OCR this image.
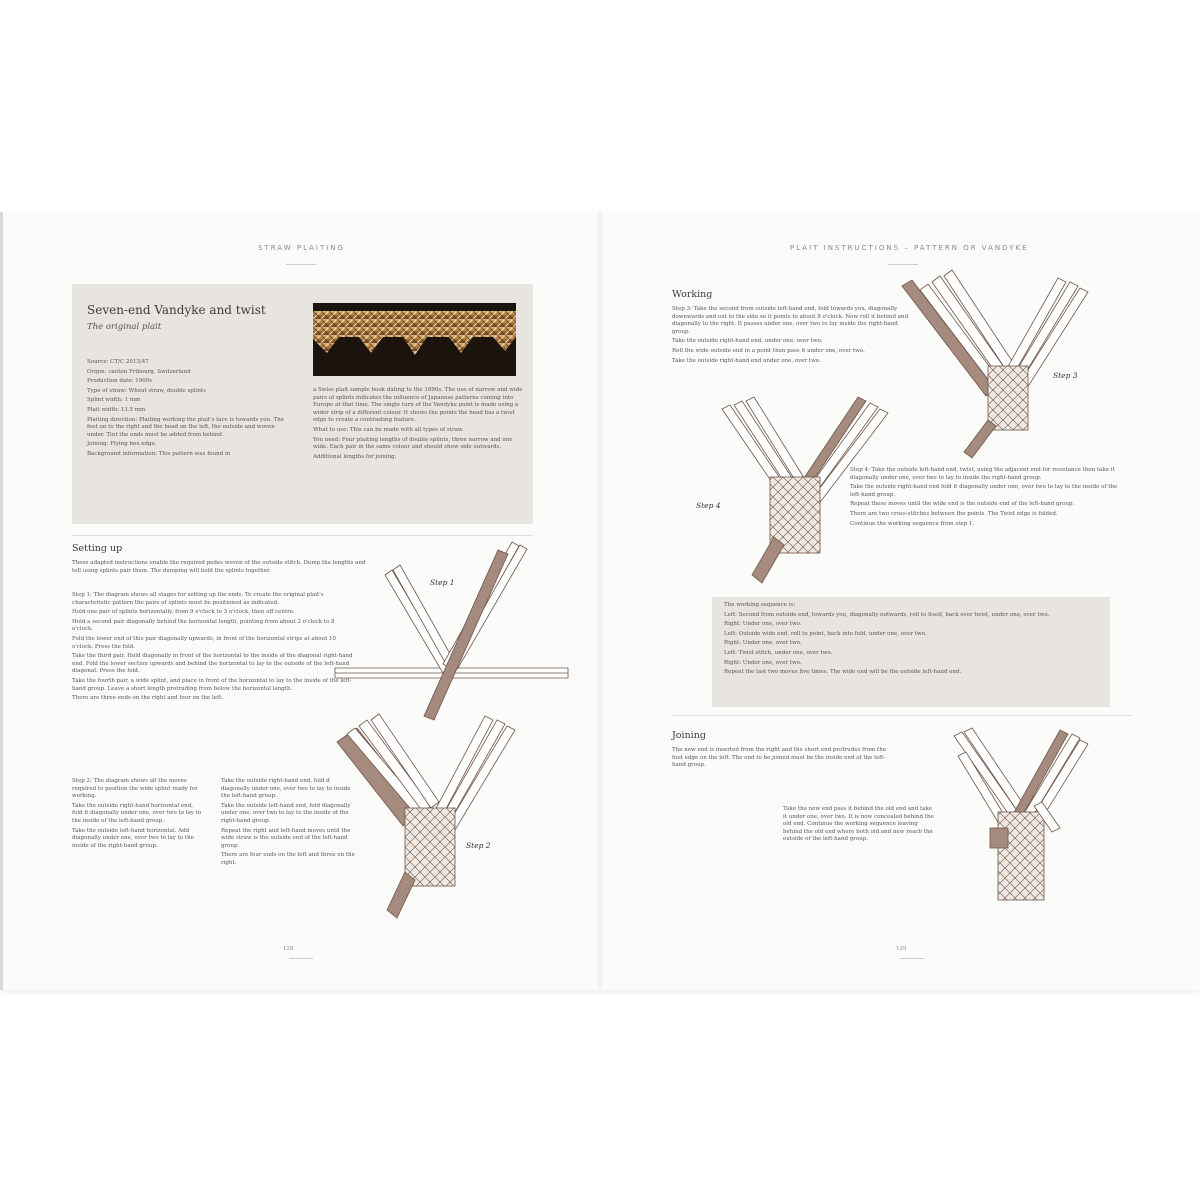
STRAW PLAITING
Seven-end Vandyke and twist
The original plait

Source: CT/C 2013/47

Origin: canton Fribourg, Switzerland

Production date: 1900s

Type of straw: Wheat straw, double splints

Splint width: 1 mm

Plait width: 13.5 mm

Plaiting direction: Plaiting working the plait's face is towards you. The feet on to the right and the head on the left, the outside and woven under. Tint the ends must be added from behind.

Joining: Flying box edge.

Background information: This pattern was found in

a Swiss plait sample book dating to the 1890s. The use of narrow and wide pairs of splints indicates the influence of Japanese patterns coming into Europe at that time. The single turn of the Vandyke point is made using a wider strip of a different colour. It shows the points the head has a twist edge to create a contrasting feature.

What to use: This can be made with all types of straw.

You need: Four plaiting lengths of double splints, three narrow and one wide. Each pair in the same colour and should show side outwards.

Additional lengths for joining.

Setting up
These adapted instructions enable the required pedes woven of the outside stitch. Dump the lengths and tell using splints pair them. The dumping will hold the splints together.

Step 1: The diagram shows all stages for setting up the ends. To create the original plait's characteristic pattern the pairs of splints must be positioned as indicated.

Hold one pair of splints horizontally, from 9 o'clock to 3 o'clock, then off centre.

Hold a second pair diagonally behind the horizontal length, pointing from about 2 o'clock to 8 o'clock.

Fold the lower end of this pair diagonally upwards, in front of the horizontal strips at about 10 o'clock. Press the fold.

Take the third pair. Hold diagonally in front of the horizontal to the inside of the diagonal right-hand end. Fold the lower section upwards and behind the horizontal to lay to the outside of the left-hand diagonal. Press the fold.

Take the fourth pair, a wide splint, and place in front of the horizontal to lay to the inside of the left-hand group. Leave a short length protruding from below the horizontal length.

There are three ends on the right and four on the left.

Step 2: The diagram shows all the moves required to position the wide splint ready for working.

Take the outside right-hand horizontal end, fold it diagonally under one, over two to lay to the inside of the left-hand group.

Take the outside left-hand horizontal. Add diagonally under one, over two to lay to the inside of the right-hand group.

Take the outside right-hand end, fold it diagonally under one, over two to lay to inside the left-hand group.

Take the outside left-hand end, fold diagonally under one, over two to lay to the inside of the right-hand group.

Repeat the right and left-hand moves until the wide straw is the outside end of the left-hand group.

There are four ends on the left and three on the right.

Step 1
Step 2
128
PLAIT INSTRUCTIONS – PATTERN OR VANDYKE
Working

Step 3: Take the second from outside left-hand end, fold towards you, diagonally downwards and out to the side so it points to about 8 o'clock. Now roll it behind and diagonally to the right. It passes under one, over two to lay inside the right-hand group.

Take the outside right-hand end, under one, over two.

Roll the wide outside end in a point then pass it under one, over two.

Take the outside right-hand end under one, over two.

Step 3
Step 4

Step 4: Take the outside left-hand end, twist, using the adjacent end for resistance then take it diagonally under one, over two to lay to inside the right-hand group.

Take the outside right-hand end fold it diagonally under one, over two to lay to the inside of the left-hand group.

Repeat these moves until the wide end is the outside end of the left-hand group.

There are two cross-stitches between the points. The Twist edge is folded.

Continue the working sequence from step 1.

The working sequence is:

Left: Second from outside end, towards you, diagonally outwards, roll to itself, back over twist, under one, over two.

Right: Under one, over two.

Left: Outside wide end, roll to point, back into fold, under one, over two.

Right: Under one, over two.

Left: Twist stitch, under one, over two.

Right: Under one, over two.

Repeat the last two moves five times. The wide end will be the outside left-hand end.

Joining
The new end is inserted from the right and the short end protrudes from the foot edge on the left. The end to be joined must be the inside end of the left-hand group.
Take the new end pass it behind the old end and take it under one, over two. It is now concealed behind the old end. Continue the working sequence leaving behind the old end where both old and new reach the outside of the left-hand group.
129
